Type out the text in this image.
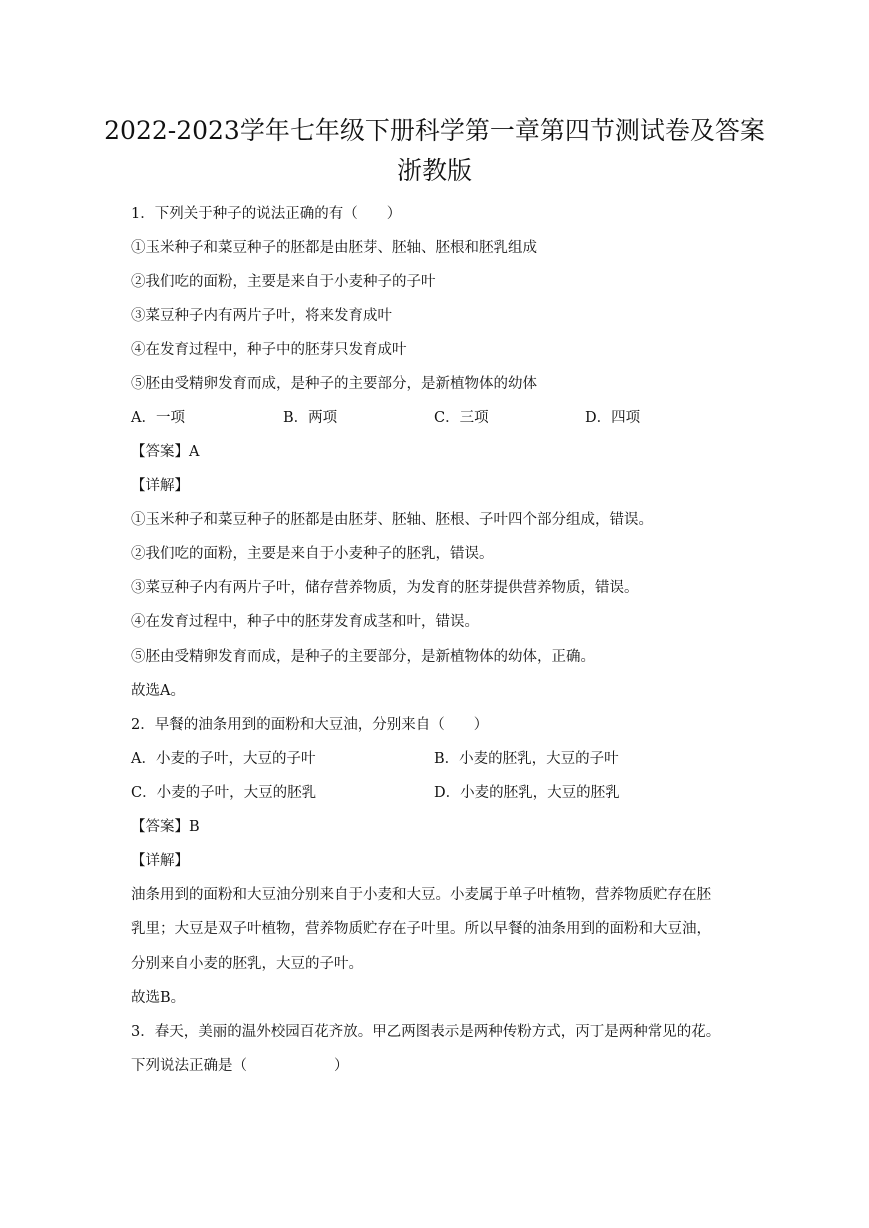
2022-2023学年七年级下册科学第一章第四节测试卷及答案
浙教版
1．下列关于种子的说法正确的有（　　）
①玉米种子和菜豆种子的胚都是由胚芽、胚轴、胚根和胚乳组成
②我们吃的面粉，主要是来自于小麦种子的子叶
③菜豆种子内有两片子叶，将来发育成叶
④在发育过程中，种子中的胚芽只发育成叶
⑤胚由受精卵发育而成，是种子的主要部分，是新植物体的幼体
A．一项	B．两项	C．三项	D．四项
【答案】A
【详解】
①玉米种子和菜豆种子的胚都是由胚芽、胚轴、胚根、子叶四个部分组成，错误。
②我们吃的面粉，主要是来自于小麦种子的胚乳，错误。
③菜豆种子内有两片子叶，储存营养物质，为发育的胚芽提供营养物质，错误。
④在发育过程中，种子中的胚芽发育成茎和叶，错误。
⑤胚由受精卵发育而成，是种子的主要部分，是新植物体的幼体，正确。
故选A。
2．早餐的油条用到的面粉和大豆油，分别来自（　　）
A．小麦的子叶，大豆的子叶	B．小麦的胚乳，大豆的子叶
C．小麦的子叶，大豆的胚乳	D．小麦的胚乳，大豆的胚乳
【答案】B
【详解】
油条用到的面粉和大豆油分别来自于小麦和大豆。小麦属于单子叶植物，营养物质贮存在胚
乳里；大豆是双子叶植物，营养物质贮存在子叶里。所以早餐的油条用到的面粉和大豆油，
分别来自小麦的胚乳，大豆的子叶。
故选B。
3．春天，美丽的温外校园百花齐放。甲乙两图表示是两种传粉方式，丙丁是两种常见的花。
下列说法正确是（　　　　　　）
